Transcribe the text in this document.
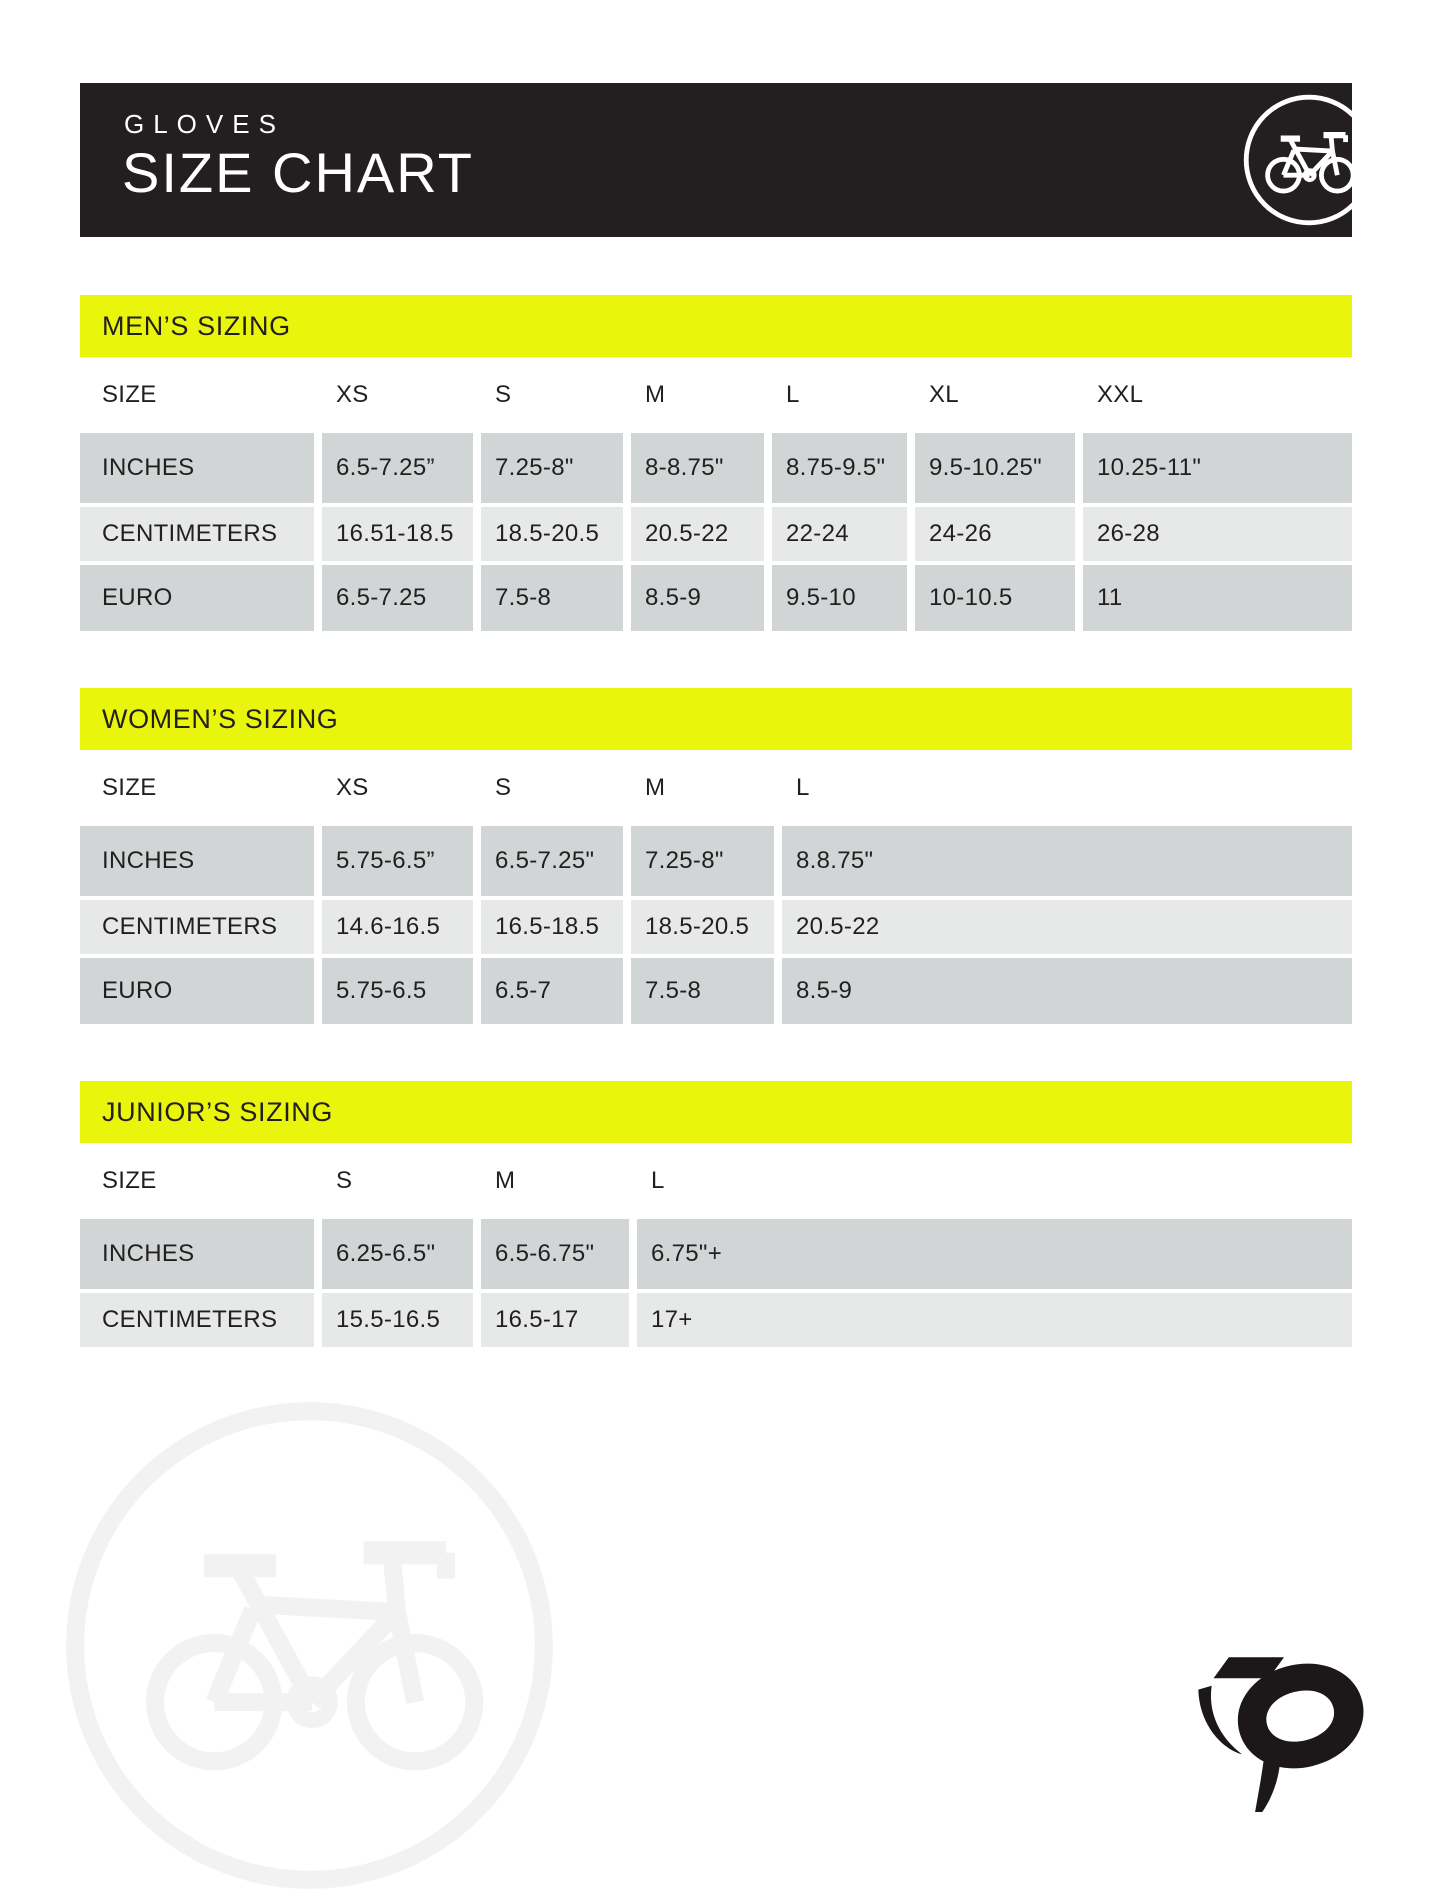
GLOVES
SIZE CHART
MEN’S SIZING
SIZE	XS	S	M	L	XL	XXL
INCHES	6.5-7.25”	7.25-8"	8-8.75"	8.75-9.5"	9.5-10.25"	10.25-11"
CENTIMETERS	16.51-18.5	18.5-20.5	20.5-22	22-24	24-26	26-28
EURO	6.5-7.25	7.5-8	8.5-9	9.5-10	10-10.5	11
WOMEN’S SIZING
SIZE	XS	S	M	L
INCHES	5.75-6.5”	6.5-7.25"	7.25-8"	8.8.75"
CENTIMETERS	14.6-16.5	16.5-18.5	18.5-20.5	20.5-22
EURO	5.75-6.5	6.5-7	7.5-8	8.5-9
JUNIOR’S SIZING
SIZE	S	M	L
INCHES	6.25-6.5"	6.5-6.75"	6.75"+
CENTIMETERS	15.5-16.5	16.5-17	17+
